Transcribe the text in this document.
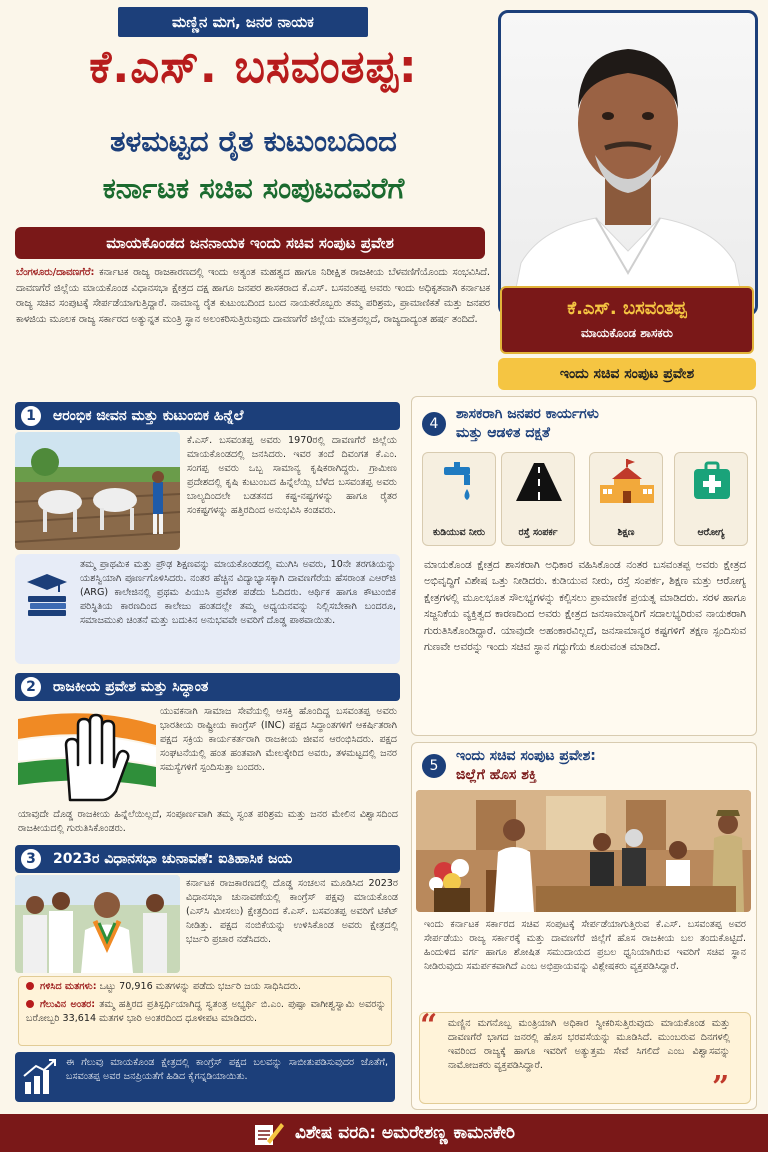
ಮಣ್ಣಿನ ಮಗ, ಜನರ ನಾಯಕ
ಕೆ.ಎಸ್. ಬಸವಂತಪ್ಪ:
ತಳಮಟ್ಟದ ರೈತ ಕುಟುಂಬದಿಂದ
ಕರ್ನಾಟಕ ಸಚಿವ ಸಂಪುಟದವರೆಗೆ
ಮಾಯಕೊಂಡದ ಜನನಾಯಕ ಇಂದು ಸಚಿವ ಸಂಪುಟ ಪ್ರವೇಶ
ಬೆಂಗಳೂರು/ದಾವಣಗೆರೆ: ಕರ್ನಾಟಕ ರಾಜ್ಯ ರಾಜಕಾರಣದಲ್ಲಿ ಇಂದು ಅತ್ಯಂತ ಮಹತ್ವದ ಹಾಗೂ ನಿರೀಕ್ಷಿತ ರಾಜಕೀಯ ಬೆಳವಣಿಗೆಯೊಂದು ಸಂಭವಿಸಿದೆ. ದಾವಣಗೆರೆ ಜಿಲ್ಲೆಯ ಮಾಯಕೊಂಡ ವಿಧಾನಸಭಾ ಕ್ಷೇತ್ರದ ದಕ್ಷ ಹಾಗೂ ಜನಪರ ಶಾಸಕರಾದ ಕೆ.ಎಸ್. ಬಸವಂತಪ್ಪ ಅವರು ಇಂದು ಅಧಿಕೃತವಾಗಿ ಕರ್ನಾಟಕ ರಾಜ್ಯ ಸಚಿವ ಸಂಪುಟಕ್ಕೆ ಸೇರ್ಪಡೆಯಾಗುತ್ತಿದ್ದಾರೆ. ನಾಮಾನ್ಯ ರೈತ ಕುಟುಂಬದಿಂದ ಬಂದ ನಾಯಕರೊಬ್ಬರು ತಮ್ಮ ಪರಿಶ್ರಮ, ಪ್ರಾಮಾಣಿಕತೆ ಮತ್ತು ಜನಪರ ಕಾಳಜಿಯ ಮೂಲಕ ರಾಜ್ಯ ಸರ್ಕಾರದ ಅತ್ಯುನ್ನತ ಮಂತ್ರಿ ಸ್ಥಾನ ಅಲಂಕರಿಸುತ್ತಿರುವುದು ದಾವಣಗೆರೆ ಜಿಲ್ಲೆಯ ಮಾತ್ರವಲ್ಲದೆ, ರಾಜ್ಯದಾದ್ಯಂತ ಹರ್ಷ ತಂದಿದೆ.
ಕೆ.ಎಸ್. ಬಸವಂತಪ್ಪ
ಮಾಯಕೊಂಡ ಶಾಸಕರು
ಇಂದು ಸಚಿವ ಸಂಪುಟ ಪ್ರವೇಶ
1	ಆರಂಭಿಕ ಜೀವನ ಮತ್ತು ಕುಟುಂಬಿಕ ಹಿನ್ನೆಲೆ
ಕೆ.ಎಸ್. ಬಸವಂತಪ್ಪ ಅವರು 1970ರಲ್ಲಿ ದಾವಣಗೆರೆ ಜಿಲ್ಲೆಯ ಮಾಯಕೊಂಡದಲ್ಲಿ ಜನಸಿದರು. ಇವರ ತಂದೆ ದಿವಂಗತ ಕೆ.ಎಂ. ಸಂಗಪ್ಪ ಅವರು ಒಬ್ಬ ಸಾಮಾನ್ಯ ಕೃಷಿಕರಾಗಿದ್ದರು. ಗ್ರಾಮೀಣ ಪ್ರದೇಶದಲ್ಲಿ ಕೃಷಿ ಕುಟುಂಬದ ಹಿನ್ನೆಲೆಯ್ಲಿ ಬೆಳೆದ ಬಸವಂತಪ್ಪ ಅವರು ಬಾಲ್ಯದಿಂದಲೇ ಬಡತನದ ಕಷ್ಟ-ನಷ್ಟಗಳನ್ನು ಹಾಗೂ ರೈತರ ಸಂಕಷ್ಟಗಳನ್ನು ಹತ್ತಿರದಿಂದ ಅನುಭವಿಸಿ ಕಂಡವರು.
ತಮ್ಮ ಪ್ರಾಥಮಿಕ ಮತ್ತು ಪ್ರೌಢ ಶಿಕ್ಷಣವನ್ನು ಮಾಯಕೊಂಡದಲ್ಲಿ ಮುಗಿಸಿ ಅವರು, 10ನೇ ತರಗತಿಯನ್ನು ಯಶಸ್ವಿಯಾಗಿ ಪೂರ್ಣಗೊಳಿಸಿದರು. ನಂತರ ಹೆಚ್ಚಿನ ವಿದ್ಯಾಭ್ಯಾಸಕ್ಕಾಗಿ ದಾವಣಗೆರೆಯ ಹೆಸರಾಂತ ಎಆರ್‌ಜಿ (ARG) ಕಾಲೇಜಿನಲ್ಲಿ ಪ್ರಥಮ ಪಿಯುಸಿ ಪ್ರವೇಶ ಪಡೆದು ಓದಿದರು. ಆರ್ಥಿಕ ಹಾಗೂ ಕೌಟುಂಬಿಕ ಪರಿಸ್ಥಿತಿಯ ಕಾರಣದಿಂದ ಕಾಲೇಜು ಹಂತದಲ್ಲೇ ತಮ್ಮ ಅಧ್ಯಯನವನ್ನು ನಿಲ್ಲಿಸಬೇಕಾಗಿ ಬಂದರೂ, ಸಮಾಜಮುಖಿ ಚಿಂತನೆ ಮತ್ತು ಬದುಕಿನ ಅನುಭವವೇ ಅವರಿಗೆ ದೊಡ್ಡ ಪಾಠವಾಯಿತು.
2	ರಾಜಕೀಯ ಪ್ರವೇಶ ಮತ್ತು ಸಿದ್ಧಾಂತ
ಯುವಕನಾಗಿ ಸಾಮಾಜ ಸೇವೆಯಲ್ಲಿ ಆಸಕ್ತಿ ಹೊಂದಿದ್ದ ಬಸವಂತಪ್ಪ ಅವರು ಭಾರತೀಯ ರಾಷ್ಟ್ರೀಯ ಕಾಂಗ್ರೆಸ್ (INC) ಪಕ್ಷದ ಸಿದ್ಧಾಂತಗಳಿಗೆ ಆಕರ್ಷಿತರಾಗಿ ಪಕ್ಷದ ಸಕ್ರಿಯ ಕಾರ್ಯಕರ್ತರಾಗಿ ರಾಜಕೀಯ ಜೀವನ ಆರಂಭಿಸಿದರು. ಪಕ್ಷದ ಸಂಘಟನೆಯಲ್ಲಿ ಹಂತ ಹಂತವಾಗಿ ಮೇಲಕ್ಕೇರಿದ ಅವರು, ತಳಮಟ್ಟದಲ್ಲಿ ಜನರ ಸಮಸ್ಯೆಗಳಿಗೆ ಸ್ಪಂದಿಸುತ್ತಾ ಬಂದರು.
ಯಾವುದೇ ದೊಡ್ಡ ರಾಜಕೀಯ ಹಿನ್ನೆಲೆಯಿಲ್ಲದೆ, ಸಂಪೂರ್ಣವಾಗಿ ತಮ್ಮ ಸ್ವಂತ ಪರಿಶ್ರಮ ಮತ್ತು ಜನರ ಮೇಲಿನ ವಿಶ್ವಾಸದಿಂದ ರಾಜಕೀಯದಲ್ಲಿ ಗುರುತಿಸಿಕೊಂಡರು.
3	2023ರ ವಿಧಾನಸಭಾ ಚುನಾವಣೆ: ಐತಿಹಾಸಿಕ ಜಯ
ಕರ್ನಾಟಕ ರಾಜಕಾರಣದಲ್ಲಿ ದೊಡ್ಡ ಸಂಚಲನ ಮೂಡಿಸಿದ 2023ರ ವಿಧಾನಸಭಾ ಚುನಾವಣೆಯಲ್ಲಿ ಕಾಂಗ್ರೆಸ್ ಪಕ್ಷವು ಮಾಯಕೊಂಡ (ಎಸ್‌ಸಿ ಮೀಸಲು) ಕ್ಷೇತ್ರದಿಂದ ಕೆ.ಎಸ್. ಬಸವಂತಪ್ಪ ಅವರಿಗೆ ಟಿಕೆಟ್ ನೀಡಿತ್ತು. ಪಕ್ಷದ ನಂಬಿಕೆಯನ್ನು ಉಳಿಸಿಕೊಂಡ ಅವರು ಕ್ಷೇತ್ರದಲ್ಲಿ ಭರ್ಜರಿ ಪ್ರಚಾರ ನಡೆಸಿದರು.
ಗಳಿಸಿದ ಮತಗಳು: ಒಟ್ಟು 70,916 ಮತಗಳನ್ನು ಪಡೆದು ಭರ್ಜರಿ ಜಯ ಸಾಧಿಸಿದರು.
ಗೆಲುವಿನ ಅಂತರ: ತಮ್ಮ ಹತ್ತಿರದ ಪ್ರತಿಸ್ಪರ್ಧಿಯಾಗಿದ್ದ ಸ್ವತಂತ್ರ ಅಭ್ಯರ್ಥಿ ಬಿ.ಎಂ. ಪುಷ್ಪಾ ವಾಗೀಶ್ವಸ್ವಾಮಿ ಅವರನ್ನು ಬರೋಬ್ಬರಿ 33,614 ಮತಗಳ ಭಾರಿ ಅಂತರದಿಂದ ಧೂಳೀಪಟ ಮಾಡಿದರು.
ಈ ಗೆಲುವು ಮಾಯಕೊಂಡ ಕ್ಷೇತ್ರದಲ್ಲಿ ಕಾಂಗ್ರೆಸ್ ಪಕ್ಷದ ಬಲವನ್ನು ಸಾಬೀತುಪಡಿಸುವುದರ ಜೊತೆಗೆ, ಬಸವಂತಪ್ಪ ಅವರ ಜನಪ್ರಿಯತೆಗೆ ಹಿಡಿದ ಕೈಗನ್ನಡಿಯಾಯಿತು.
4
ಶಾಸಕರಾಗಿ ಜನಪರ ಕಾರ್ಯಗಳು
ಮತ್ತು ಆಡಳಿತ ದಕ್ಷತೆ
ಕುಡಿಯುವ ನೀರು	ರಸ್ತೆ ಸಂಪರ್ಕ	ಶಿಕ್ಷಣ	ಆರೋಗ್ಯ
ಮಾಯಕೊಂಡ ಕ್ಷೇತ್ರದ ಶಾಸಕರಾಗಿ ಅಧಿಕಾರ ವಹಿಸಿಕೊಂಡ ನಂತರ ಬಸವಂತಪ್ಪ ಅವರು ಕ್ಷೇತ್ರದ ಅಭಿವೃದ್ಧಿಗೆ ವಿಶೇಷ ಒತ್ತು ನೀಡಿದರು. ಕುಡಿಯುವ ನೀರು, ರಸ್ತೆ ಸಂಪರ್ಕ, ಶಿಕ್ಷಣ ಮತ್ತು ಆರೋಗ್ಯ ಕ್ಷೇತ್ರಗಳಲ್ಲಿ ಮೂಲಭೂತ ಸೌಲಭ್ಯಗಳನ್ನು ಕಲ್ಪಿಸಲು ಪ್ರಾಮಾಣಿಕ ಪ್ರಯತ್ನ ಮಾಡಿದರು. ಸರಳ ಹಾಗೂ ಸಜ್ಜನಿಕೆಯ ವ್ಯಕ್ತಿತ್ವದ ಕಾರಣದಿಂದ ಅವರು ಕ್ಷೇತ್ರದ ಜನಸಾಮಾನ್ಯರಿಗೆ ಸದಾಲಭ್ಯರಿರುವ ನಾಯಕರಾಗಿ ಗುರುತಿಸಿಕೊಂಡಿದ್ದಾರೆ. ಯಾವುದೇ ಅಹಂಕಾರವಿಲ್ಲದೆ, ಜನಸಾಮಾನ್ಯರ ಕಷ್ಟಗಳಿಗೆ ತಕ್ಷಣ ಸ್ಪಂದಿಸುವ ಗುಣವೇ ಅವರನ್ನು ಇಂದು ಸಚಿವ ಸ್ಥಾನ ಗದ್ದುಗೆಯ ಕೂರುವಂತ ಮಾಡಿದೆ.
5
ಇಂದು ಸಚಿವ ಸಂಪುಟ ಪ್ರವೇಶ:
ಜಿಲ್ಲೆಗೆ ಹೊಸ ಶಕ್ತಿ
ಇಂದು ಕರ್ನಾಟಕ ಸರ್ಕಾರದ ಸಚಿವ ಸಂಪುಟಕ್ಕೆ ಸೇರ್ಪಡೆಯಾಗುತ್ತಿರುವ ಕೆ.ಎಸ್. ಬಸವಂತಪ್ಪ ಅವರ ಸೇರ್ಪಡೆಯು ರಾಜ್ಯ ಸರ್ಕಾರಕ್ಕೆ ಮತ್ತು ದಾವಣಗೆರೆ ಜಿಲ್ಲೆಗೆ ಹೊಸ ರಾಜಕೀಯ ಬಲ ತಂದುಕೊಟ್ಟಿದೆ. ಹಿಂದುಳಿದ ವರ್ಗ ಹಾಗೂ ಶೋಷಿತ ಸಮುದಾಯದ ಪ್ರಬಲ ಧ್ವನಿಯಾಗಿರುವ ಇವರಿಗೆ ಸಚಿವ ಸ್ಥಾನ ನೀಡಿರುವುದು ಸಮರ್ಪಕವಾಗಿದೆ ಎಂಬ ಅಭಿಪ್ರಾಯವನ್ನು ವಿಶ್ಲೇಷಕರು ವ್ಯಕ್ತಪಡಿಸಿದ್ದಾರೆ.
“ ಮಣ್ಣಿನ ಮಗನೊಬ್ಬ ಮಂತ್ರಿಯಾಗಿ ಅಧಿಕಾರ ಸ್ವೀಕರಿಸುತ್ತಿರುವುದು ಮಾಯಕೊಂಡ ಮತ್ತು ದಾವಣಗೆರೆ ಭಾಗದ ಜನರಲ್ಲಿ ಹೊಸ ಭರವಸೆಯನ್ನು ಮೂಡಿಸಿದೆ. ಮುಂಬರುವ ದಿನಗಳಲ್ಲಿ ಇವರಿಂದ ರಾಜ್ಯಕ್ಕೆ ಹಾಗೂ ಇವರಿಗೆ ಅತ್ಯುತ್ತಮ ಸೇವೆ ಸಿಗಲಿದೆ ಎಂಬ ವಿಶ್ವಾಸವನ್ನು ನಾಮೋಜಕರು ವ್ಯಕ್ತಪಡಿಸಿದ್ದಾರೆ.
”
ವಿಶೇಷ ವರದಿ: ಅಮರೇಶಣ್ಣ ಕಾಮನಕೇರಿ
